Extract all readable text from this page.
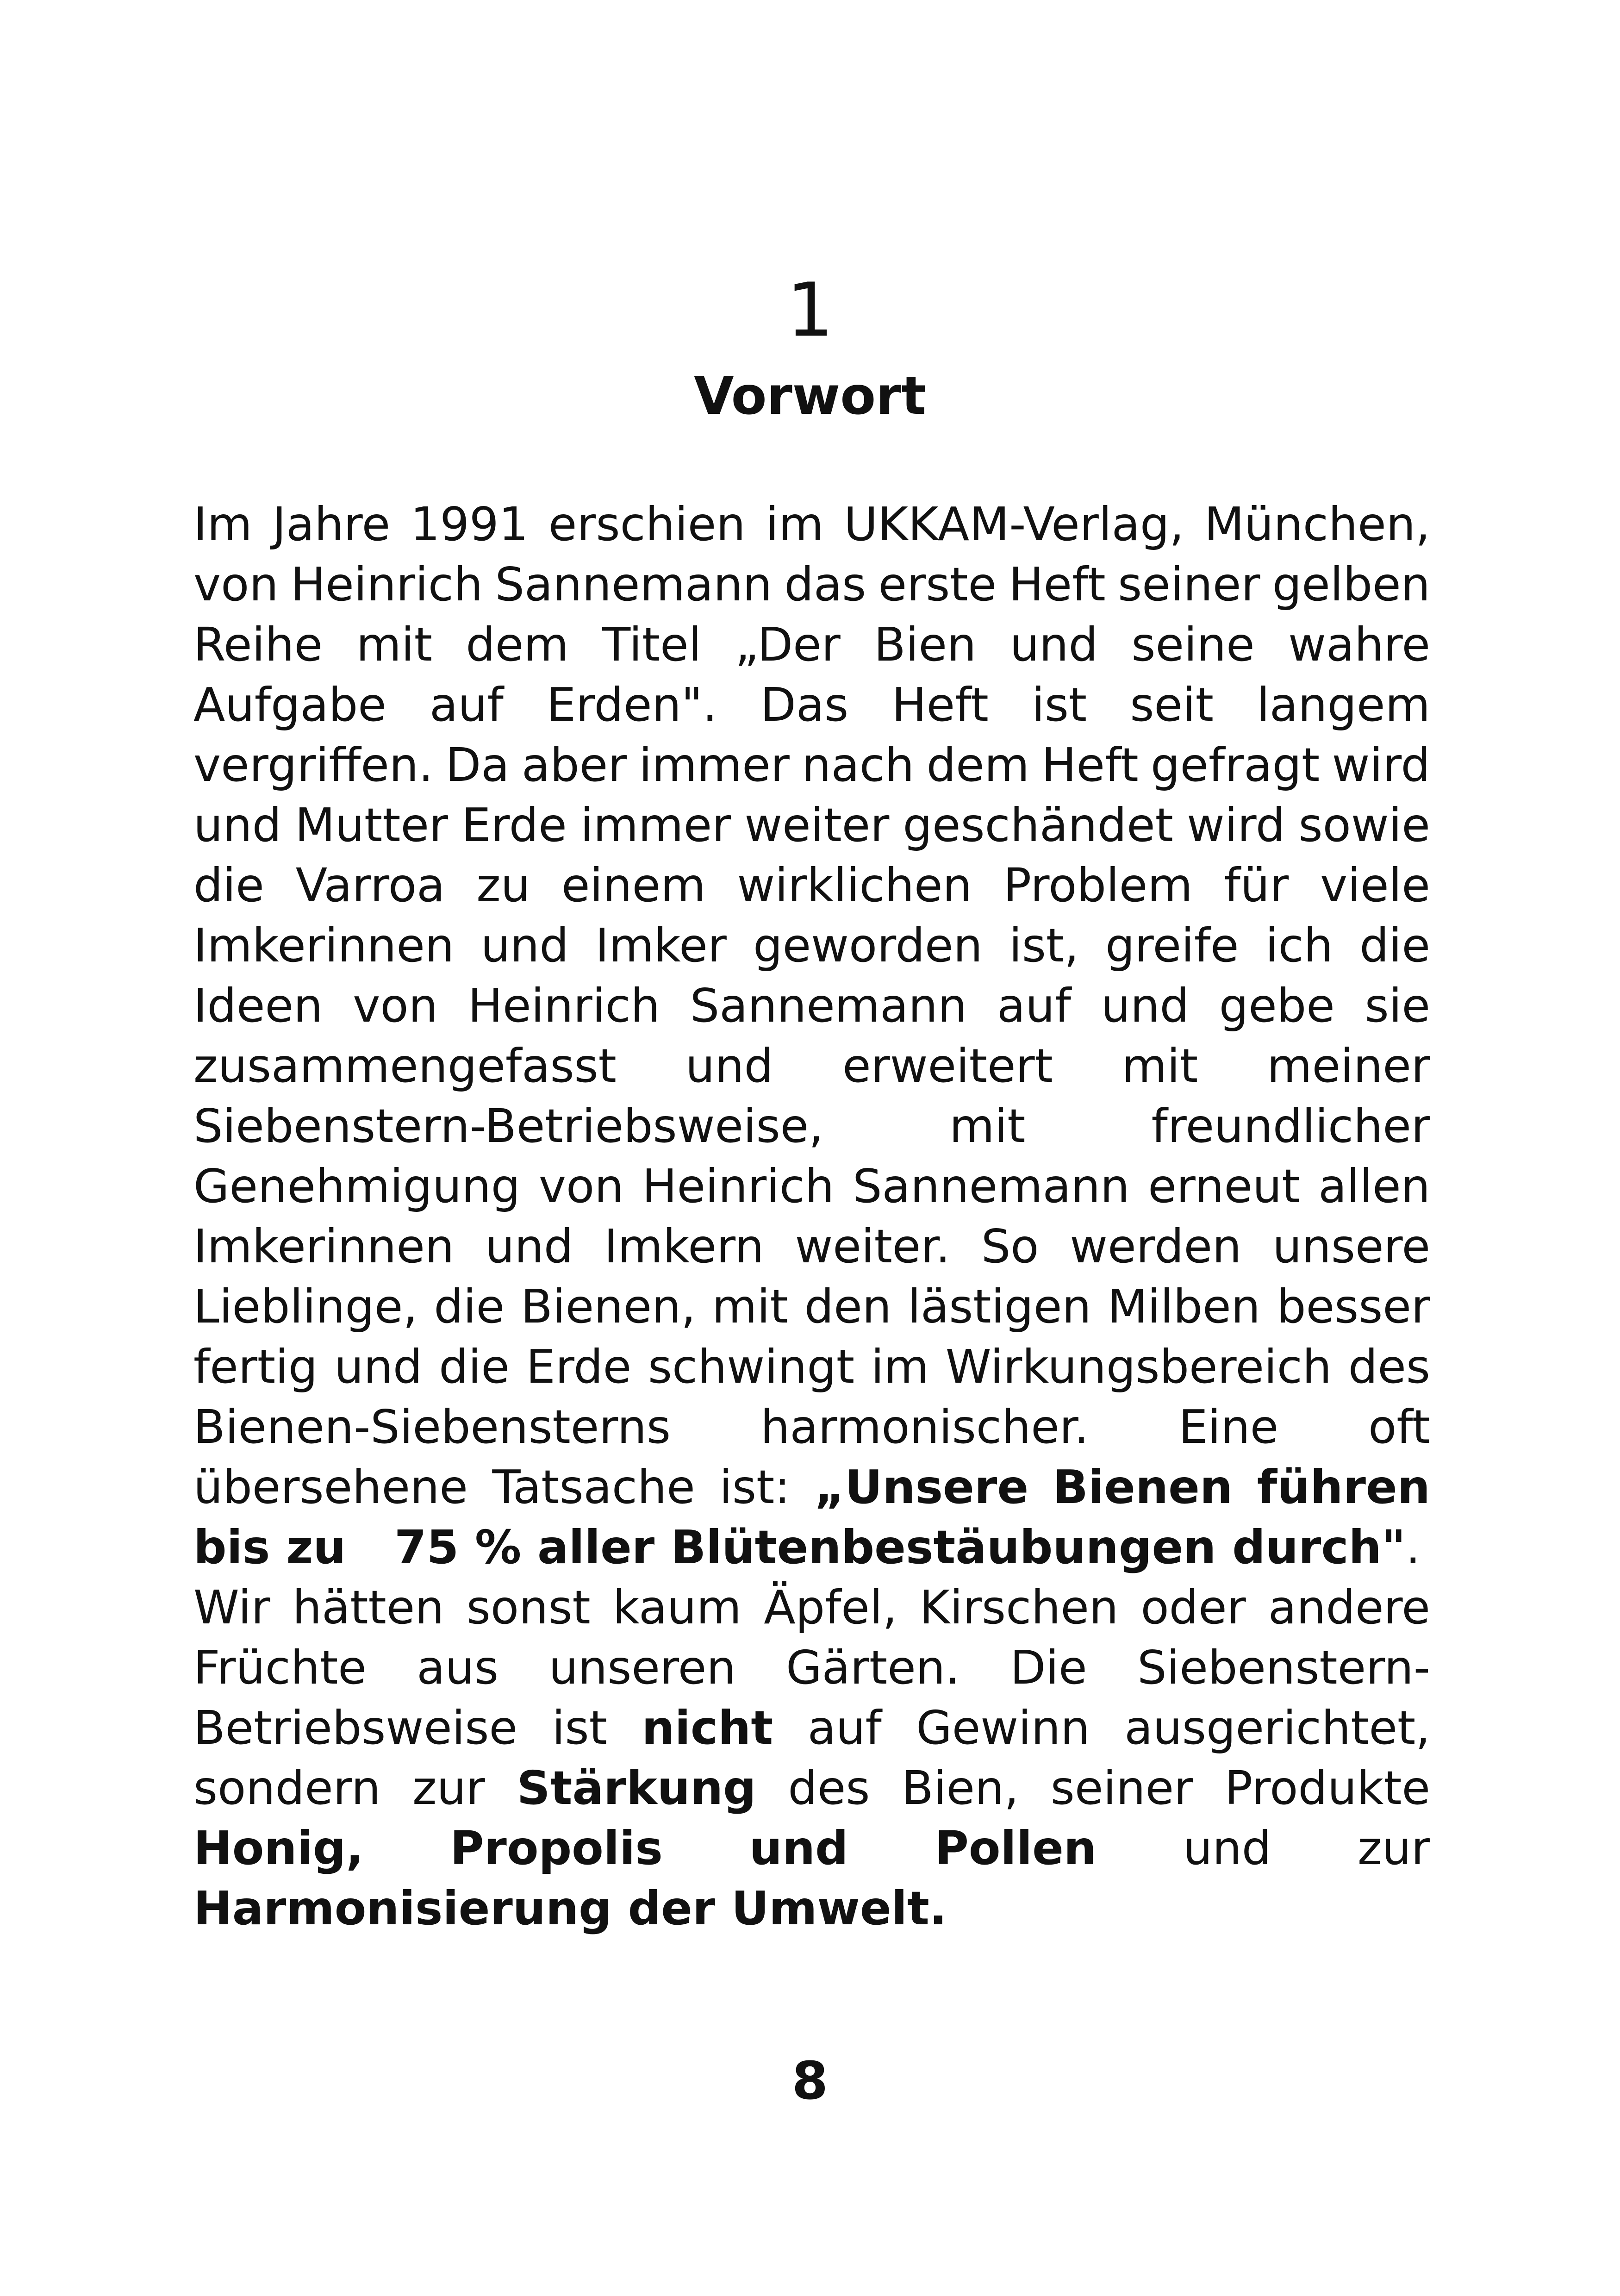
1
Vorwort
Im Jahre 1991 erschien im UKKAM-Verlag, München,
von Heinrich Sannemann das erste Heft seiner gelben
Reihe mit dem Titel „Der Bien und seine wahre
Aufgabe auf Erden". Das Heft ist seit langem
vergriffen. Da aber immer nach dem Heft gefragt wird
und Mutter Erde immer weiter geschändet wird sowie
die Varroa zu einem wirklichen Problem für viele
Imkerinnen und Imker geworden ist, greife ich die
Ideen von Heinrich Sannemann auf und gebe sie
zusammengefasst und erweitert mit meiner
Siebenstern-Betriebsweise,	mit	freundlicher
Genehmigung von Heinrich Sannemann erneut allen
Imkerinnen und Imkern weiter. So werden unsere
Lieblinge, die Bienen, mit den lästigen Milben besser
fertig und die Erde schwingt im Wirkungsbereich des
Bienen-Siebensterns harmonischer. Eine oft
übersehene Tatsache ist: „Unsere Bienen führen
bis zu   75 % aller Blütenbestäubungen durch" .
Wir hätten sonst kaum Äpfel, Kirschen oder andere
Früchte aus unseren Gärten. Die Siebenstern-
Betriebsweise ist nicht auf Gewinn ausgerichtet,
sondern zur Stärkung des Bien, seiner Produkte
Honig, Propolis und Pollen und zur
Harmonisierung der Umwelt.
8
